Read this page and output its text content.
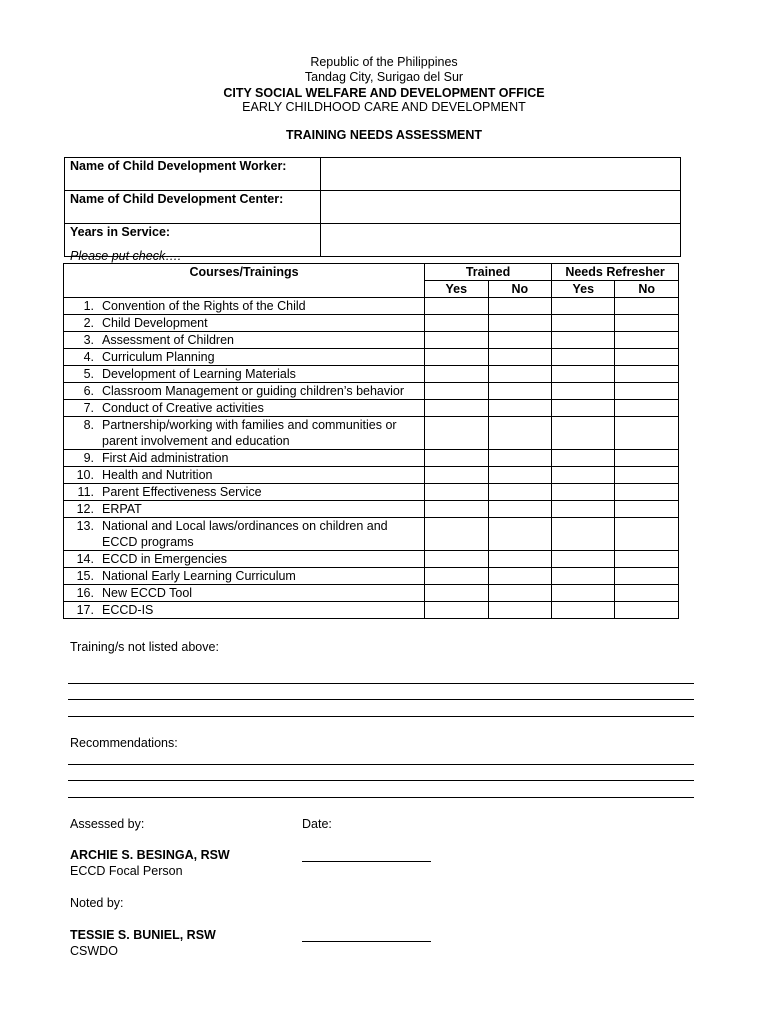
Republic of the Philippines
Tandag City, Surigao del Sur
CITY SOCIAL WELFARE AND DEVELOPMENT OFFICE
EARLY CHILDHOOD CARE AND DEVELOPMENT
TRAINING NEEDS ASSESSMENT
Name of Child Development Worker:	
Name of Child Development Center:	
Years in Service:	
Please put check….
Courses/Trainings	Trained		Needs Refresher	
	Yes	No	Yes	No

1. Convention of the Rights of the Child				

2. Child Development				

3. Assessment of Children				

4. Curriculum Planning				

5. Development of Learning Materials				

6. Classroom Management or guiding children’s behavior				

7. Conduct of Creative activities				

8. Partnership/working with families and communities or parent involvement and education				

9. First Aid administration				

10. Health and Nutrition				

11. Parent Effectiveness Service				

12. ERPAT				

13. National and Local laws/ordinances on children and ECCD programs				

14. ECCD in Emergencies				

15. National Early Learning Curriculum				

16. New ECCD Tool				

17. ECCD-IS				

Training/s not listed above:
Recommendations:
Assessed by:	Date:
ARCHIE S. BESINGA, RSW
ECCD Focal Person
Noted by:
TESSIE S. BUNIEL, RSW
CSWDO
